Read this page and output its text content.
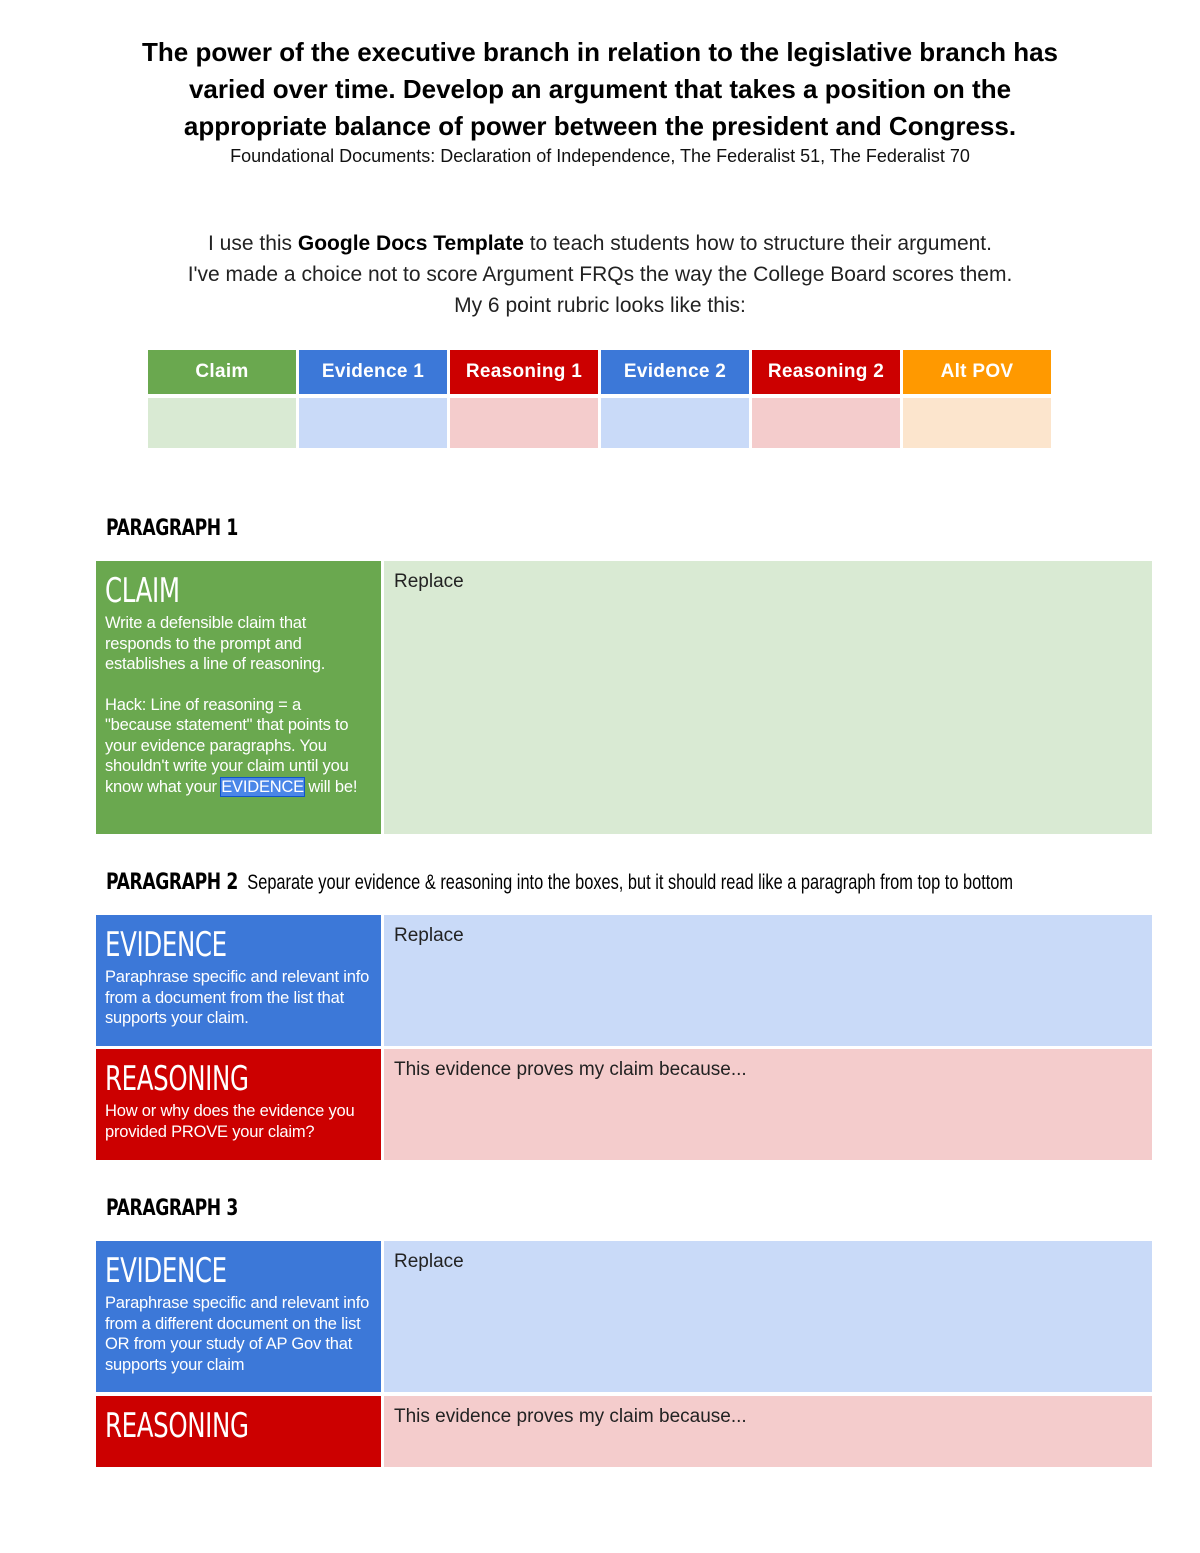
The power of the executive branch in relation to the legislative branch has
varied over time. Develop an argument that takes a position on the
appropriate balance of power between the president and Congress.
Foundational Documents: Declaration of Independence, The Federalist 51, The Federalist 70
I use this Google Docs Template to teach students how to structure their argument.
I've made a choice not to score Argument FRQs the way the College Board scores them.
My 6 point rubric looks like this:
Claim	Evidence 1	Reasoning 1	Evidence 2	Reasoning 2	Alt POV
PARAGRAPH 1
CLAIM

Write a defensible claim that responds to the prompt and establishes a line of reasoning.

Hack: Line of reasoning = a "because statement" that points to your evidence paragraphs. You shouldn't write your claim until you know what your EVIDENCE will be!

Replace
PARAGRAPH 2 Separate your evidence & reasoning into the boxes, but it should read like a paragraph from top to bottom
EVIDENCE
Paraphrase specific and relevant info from a document from the list that supports your claim.
Replace
REASONING
How or why does the evidence you provided PROVE your claim?
This evidence proves my claim because...
PARAGRAPH 3
EVIDENCE
Paraphrase specific and relevant info from a different document on the list OR from your study of AP Gov that supports your claim
Replace
REASONING	This evidence proves my claim because...
